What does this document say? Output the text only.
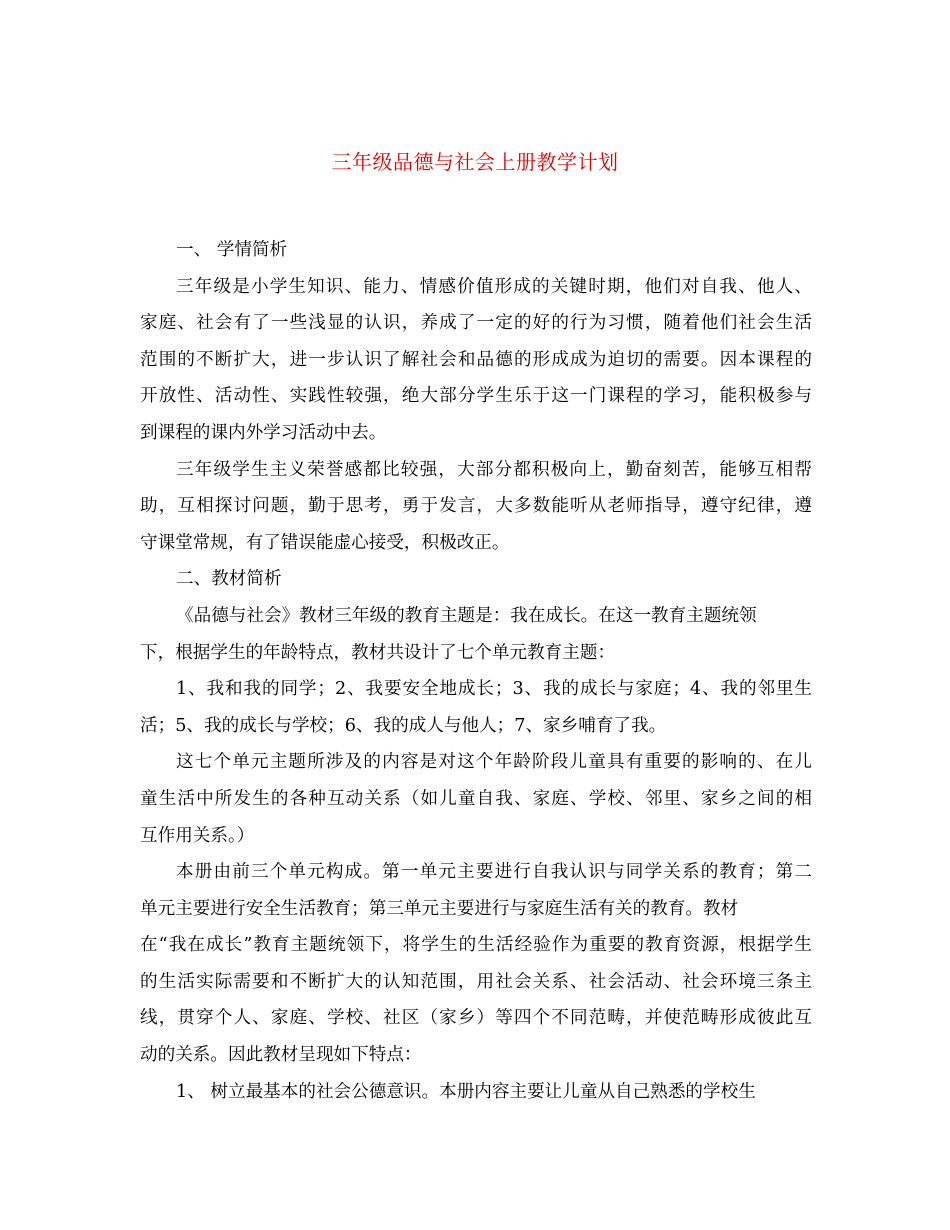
三年级品德与社会上册教学计划
一、 学情简析
三年级是小学生知识、能力、情感价值形成的关键时期，他们对自我、他人、
家庭、社会有了一些浅显的认识，养成了一定的好的行为习惯，随着他们社会生活
范围的不断扩大，进一步认识了解社会和品德的形成成为迫切的需要。因本课程的
开放性、活动性、实践性较强，绝大部分学生乐于这一门课程的学习，能积极参与
到课程的课内外学习活动中去。
三年级学生主义荣誉感都比较强，大部分都积极向上，勤奋刻苦，能够互相帮
助，互相探讨问题，勤于思考，勇于发言，大多数能听从老师指导，遵守纪律，遵
守课堂常规，有了错误能虚心接受，积极改正。
二、教材简析
《品德与社会》教材三年级的教育主题是：我在成长。在这一教育主题统领
下，根据学生的年龄特点，教材共设计了七个单元教育主题：
1、我和我的同学；2、我要安全地成长；3、我的成长与家庭；4、我的邻里生
活；5、我的成长与学校；6、我的成人与他人；7、家乡哺育了我。
这七个单元主题所涉及的内容是对这个年龄阶段儿童具有重要的影响的、在儿
童生活中所发生的各种互动关系（如儿童自我、家庭、学校、邻里、家乡之间的相
互作用关系。）
本册由前三个单元构成。第一单元主要进行自我认识与同学关系的教育；第二
单元主要进行安全生活教育；第三单元主要进行与家庭生活有关的教育。教材
在“我在成长”教育主题统领下，将学生的生活经验作为重要的教育资源，根据学生
的生活实际需要和不断扩大的认知范围，用社会关系、社会活动、社会环境三条主
线，贯穿个人、家庭、学校、社区（家乡）等四个不同范畴，并使范畴形成彼此互
动的关系。因此教材呈现如下特点：
1、 树立最基本的社会公德意识。本册内容主要让儿童从自己熟悉的学校生
